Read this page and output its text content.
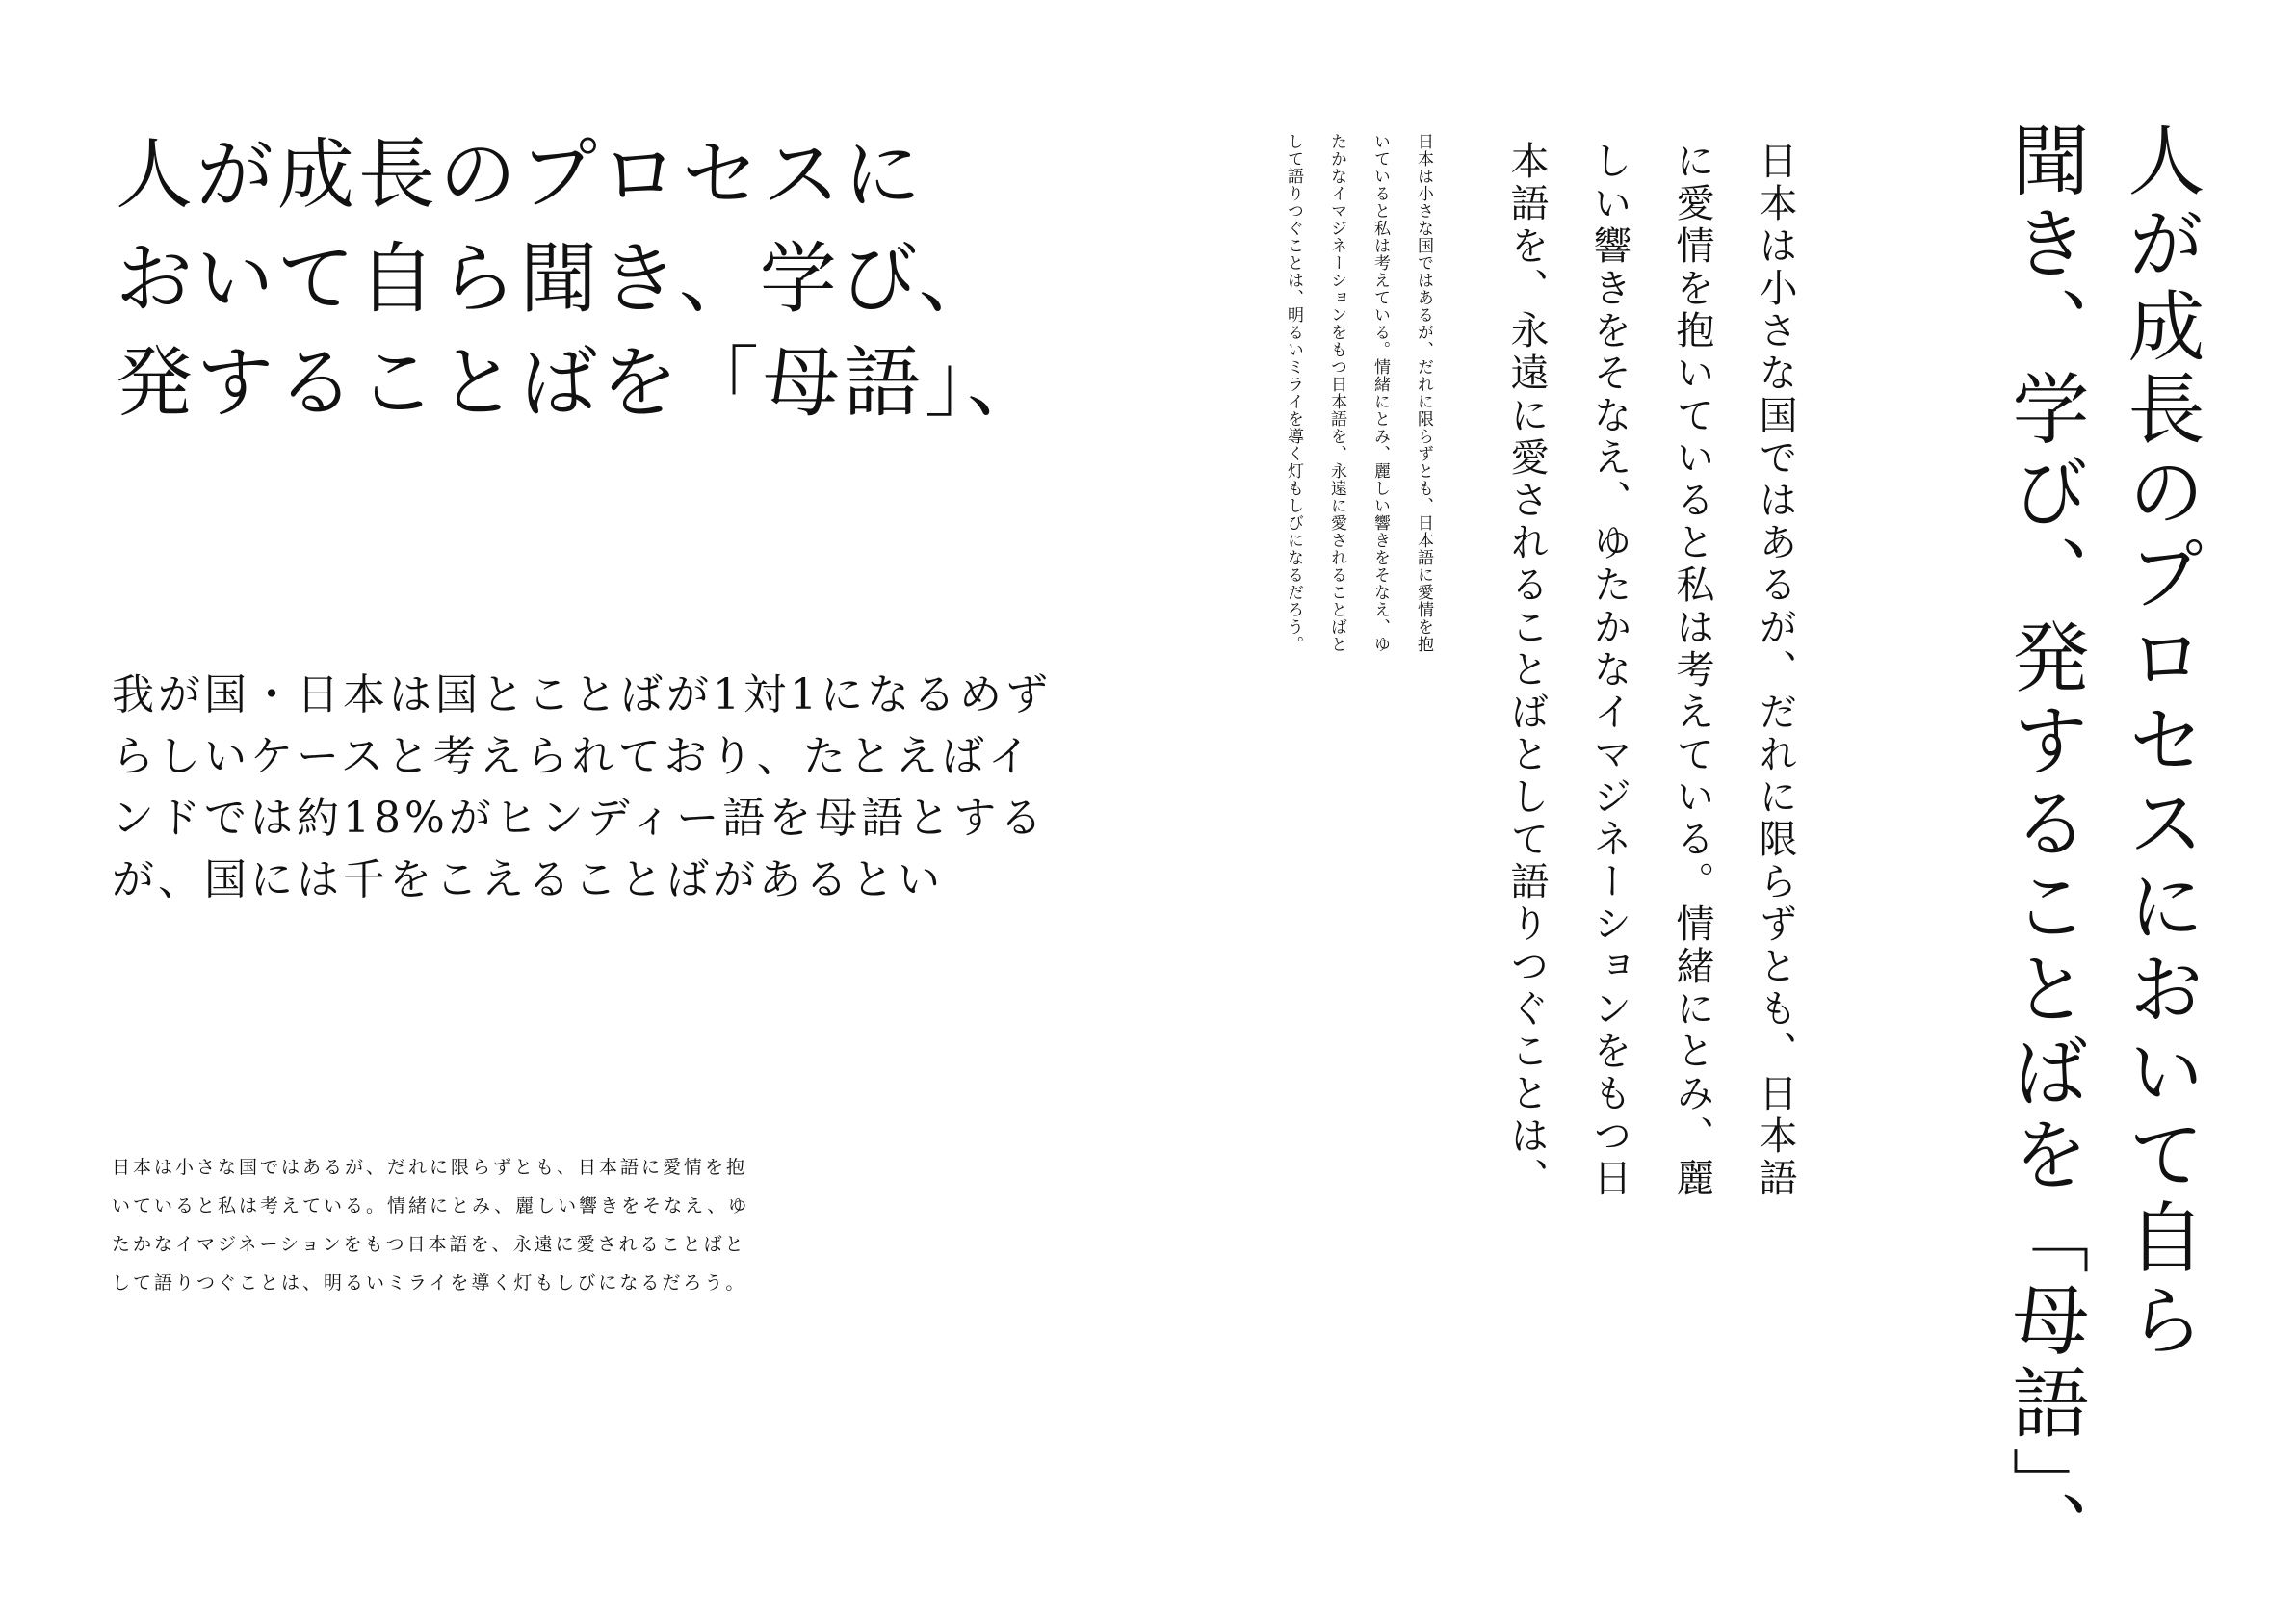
人が成長のプロセスに
おいて自ら聞き、学び、
発することばを「母語」、
我が国・日本は国とことばが1対1になるめず
らしいケースと考えられており、たとえばイ
ンドでは約18%がヒンディー語を母語とする
が、国には千をこえることばがあるとい
日本は小さな国ではあるが、だれに限らずとも、日本語に愛情を抱
いていると私は考えている。情緒にとみ、麗しい響きをそなえ、ゆ
たかなイマジネーションをもつ日本語を、永遠に愛されることばと
して語りつぐことは、明るいミライを導く灯もしびになるだろう。	人が成長のプロセスにおいて自ら
聞き、学び、発することばを「母語」、
日本は小さな国ではあるが、だれに限らずとも、日本語
に愛情を抱いていると私は考えている。情緒にとみ、麗
しい響きをそなえ、ゆたかなイマジネーションをもつ日
本語を、永遠に愛されることばとして語りつぐことは、
日本は小さな国ではあるが、だれに限らずとも、日本語に愛情を抱
いていると私は考えている。情緒にとみ、麗しい響きをそなえ、ゆ
たかなイマジネーションをもつ日本語を、永遠に愛されることばと
して語りつぐことは、明るいミライを導く灯もしびになるだろう。
